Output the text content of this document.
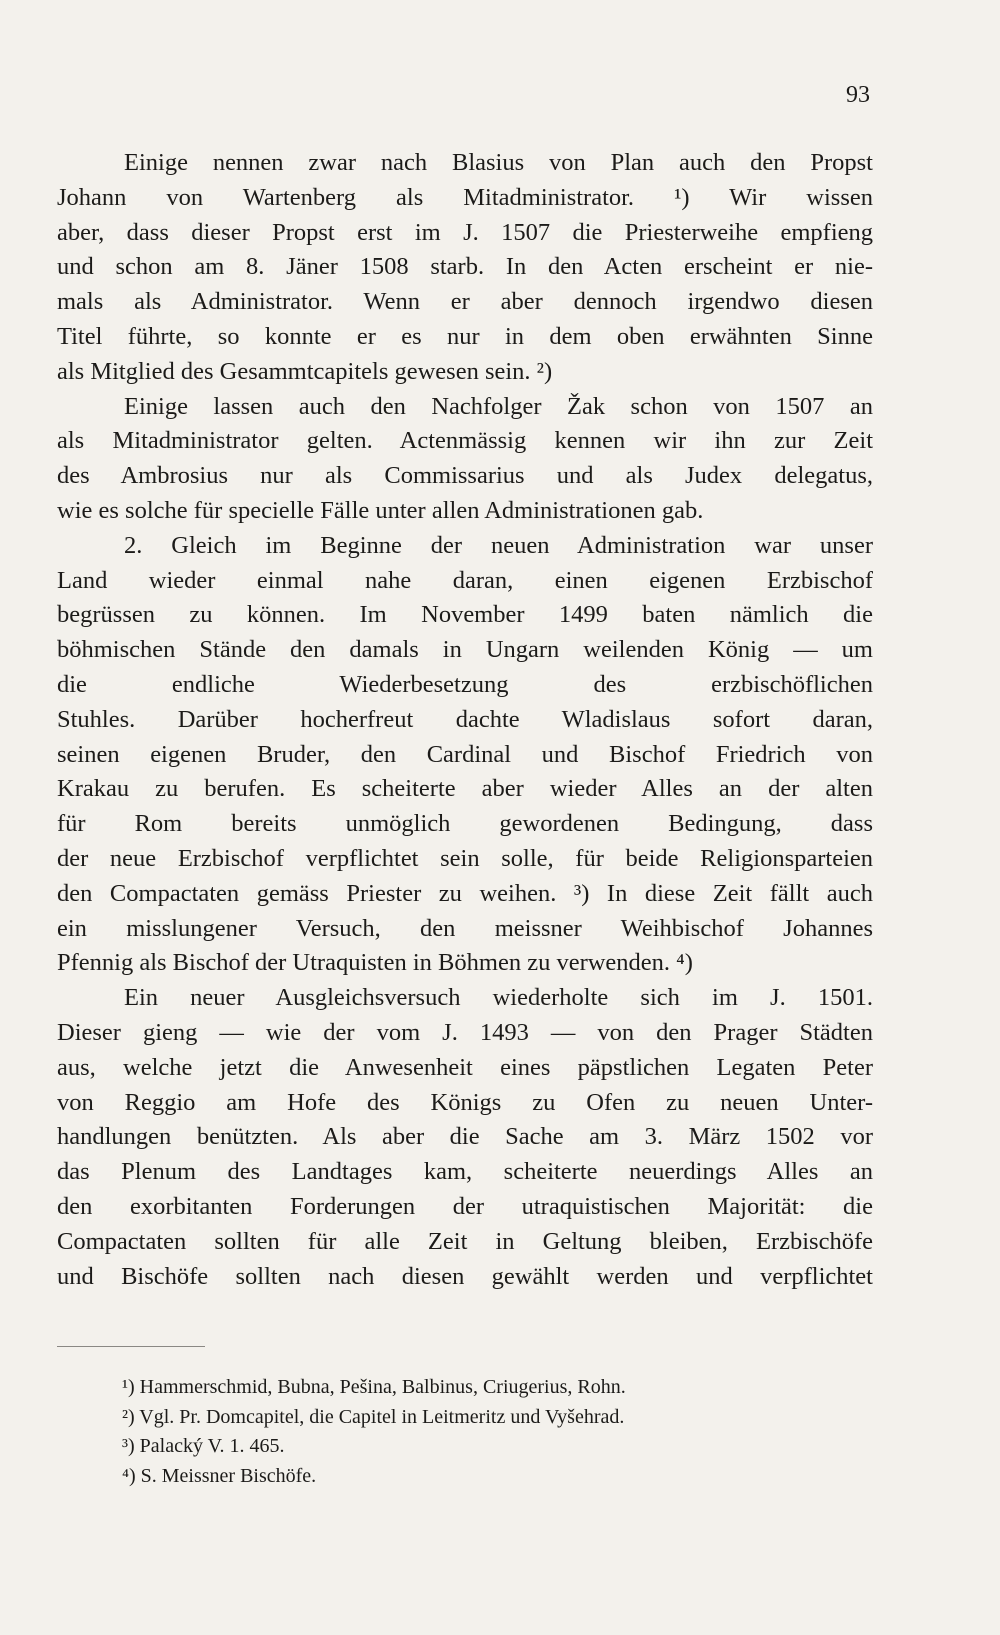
93
Einige nennen zwar nach Blasius von Plan auch den Propst
Johann von Wartenberg als Mitadministrator. ¹) Wir wissen
aber, dass dieser Propst erst im J. 1507 die Priesterweihe empfieng
und schon am 8. Jäner 1508 starb. In den Acten erscheint er nie-
mals als Administrator. Wenn er aber dennoch irgendwo diesen
Titel führte, so konnte er es nur in dem oben erwähnten Sinne
als Mitglied des Gesammtcapitels gewesen sein. ²)
Einige lassen auch den Nachfolger Žak schon von 1507 an
als Mitadministrator gelten. Actenmässig kennen wir ihn zur Zeit
des Ambrosius nur als Commissarius und als Judex delegatus,
wie es solche für specielle Fälle unter allen Administrationen gab.
2. Gleich im Beginne der neuen Administration war unser
Land wieder einmal nahe daran, einen eigenen Erzbischof
begrüssen zu können. Im November 1499 baten nämlich die
böhmischen Stände den damals in Ungarn weilenden König — um
die endliche Wiederbesetzung des erzbischöflichen
Stuhles. Darüber hocherfreut dachte Wladislaus sofort daran,
seinen eigenen Bruder, den Cardinal und Bischof Friedrich von
Krakau zu berufen. Es scheiterte aber wieder Alles an der alten
für Rom bereits unmöglich gewordenen Bedingung, dass
der neue Erzbischof verpflichtet sein solle, für beide Religionsparteien
den Compactaten gemäss Priester zu weihen. ³) In diese Zeit fällt auch
ein misslungener Versuch, den meissner Weihbischof Johannes
Pfennig als Bischof der Utraquisten in Böhmen zu verwenden. ⁴)
Ein neuer Ausgleichsversuch wiederholte sich im J. 1501.
Dieser gieng — wie der vom J. 1493 — von den Prager Städten
aus, welche jetzt die Anwesenheit eines päpstlichen Legaten Peter
von Reggio am Hofe des Königs zu Ofen zu neuen Unter-
handlungen benützten. Als aber die Sache am 3. März 1502 vor
das Plenum des Landtages kam, scheiterte neuerdings Alles an
den exorbitanten Forderungen der utraquistischen Majorität: die
Compactaten sollten für alle Zeit in Geltung bleiben, Erzbischöfe
und Bischöfe sollten nach diesen gewählt werden und verpflichtet
¹) Hammerschmid, Bubna, Pešina, Balbinus, Criugerius, Rohn.
²) Vgl. Pr. Domcapitel, die Capitel in Leitmeritz und Vyšehrad.
³) Palacký V. 1. 465.
⁴) S. Meissner Bischöfe.
